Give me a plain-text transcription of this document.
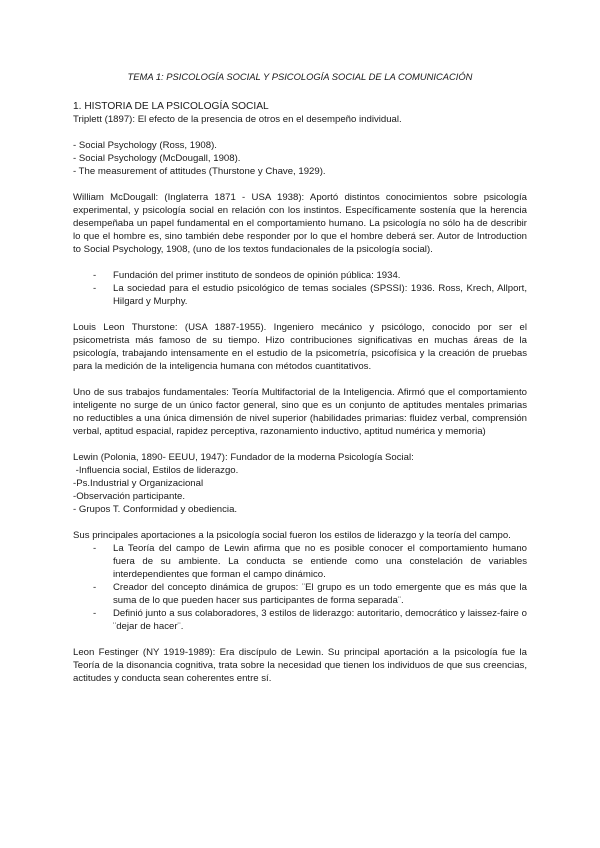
TEMA 1: PSICOLOGÍA SOCIAL Y PSICOLOGÍA SOCIAL DE LA COMUNICACIÓN
1. HISTORIA DE LA PSICOLOGÍA SOCIAL

Triplett (1897): El efecto de la presencia de otros en el desempeño individual.

- Social Psychology (Ross, 1908).
- Social Psychology (McDougall, 1908).
- The measurement of attitudes (Thurstone y Chave, 1929).

William McDougall: (Inglaterra 1871 - USA 1938): Aportó distintos conocimientos sobre psicología experimental, y psicología social en relación con los instintos. Específicamente sostenía que la herencia desempeñaba un papel fundamental en el comportamiento humano. La psicología no sólo ha de describir lo que el hombre es, sino también debe responder por lo que el hombre deberá ser. Autor de Introduction to Social Psychology, 1908, (uno de los textos fundacionales de la psicología social).

- Fundación del primer instituto de sondeos de opinión pública: 1934.
- La sociedad para el estudio psicológico de temas sociales (SPSSI): 1936. Ross, Krech, Allport, Hilgard y Murphy.

Louis Leon Thurstone: (USA 1887-1955). Ingeniero mecánico y psicólogo, conocido por ser el psicometrista más famoso de su tiempo. Hizo contribuciones significativas en muchas áreas de la psicología, trabajando intensamente en el estudio de la psicometría, psicofísica y la creación de pruebas para la medición de la inteligencia humana con métodos cuantitativos.

Uno de sus trabajos fundamentales: Teoría Multifactorial de la Inteligencia. Afirmó que el comportamiento inteligente no surge de un único factor general, sino que es un conjunto de aptitudes mentales primarias no reductibles a una única dimensión de nivel superior (habilidades primarias: fluidez verbal, comprensión verbal, aptitud espacial, rapidez perceptiva, razonamiento inductivo, aptitud numérica y memoria)

Lewin (Polonia, 1890- EEUU, 1947): Fundador de la moderna Psicología Social:

-Influencia social, Estilos de liderazgo.
-Ps.Industrial y Organizacional
-Observación participante.
- Grupos T. Conformidad y obediencia.

Sus principales aportaciones a la psicología social fueron los estilos de liderazgo y la teoría del campo.

- La Teoría del campo de Lewin afirma que no es posible conocer el comportamiento humano fuera de su ambiente. La conducta se entiende como una constelación de variables interdependientes que forman el campo dinámico.
- Creador del concepto dinámica de grupos: ¨El grupo es un todo emergente que es más que la suma de lo que pueden hacer sus participantes de forma separada¨.
- Definió junto a sus colaboradores, 3 estilos de liderazgo: autoritario, democrático y laissez-faire o ¨dejar de hacer¨.

Leon Festinger (NY 1919-1989): Era discípulo de Lewin. Su principal aportación a la psicología fue la Teoría de la disonancia cognitiva, trata sobre la necesidad que tienen los individuos de que sus creencias, actitudes y conducta sean coherentes entre sí.
